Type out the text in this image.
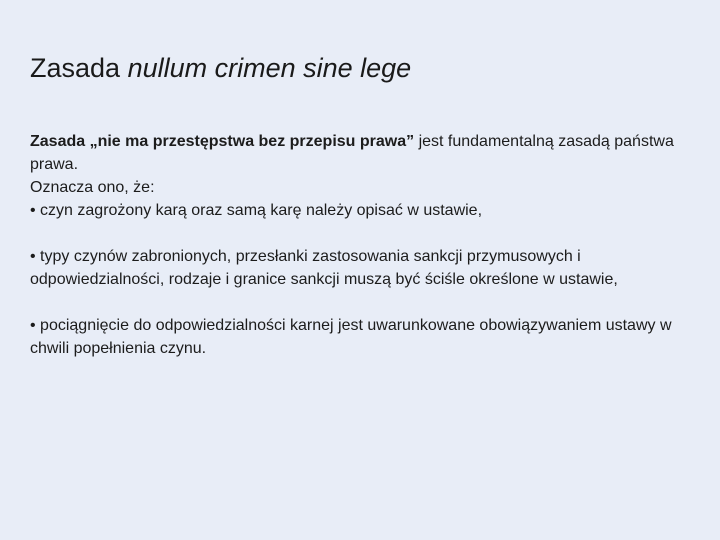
Zasada nullum crimen sine lege

Zasada „nie ma przestępstwa bez przepisu prawa” jest fundamentalną zasadą państwa prawa.

Oznacza ono, że:

• czyn zagrożony karą oraz samą karę należy opisać w ustawie,

• typy czynów zabronionych, przesłanki zastosowania sankcji przymusowych i odpowiedzialności, rodzaje i granice sankcji muszą być ściśle określone w ustawie,

• pociągnięcie do odpowiedzialności karnej jest uwarunkowane obowiązywaniem ustawy w chwili popełnienia czynu.
